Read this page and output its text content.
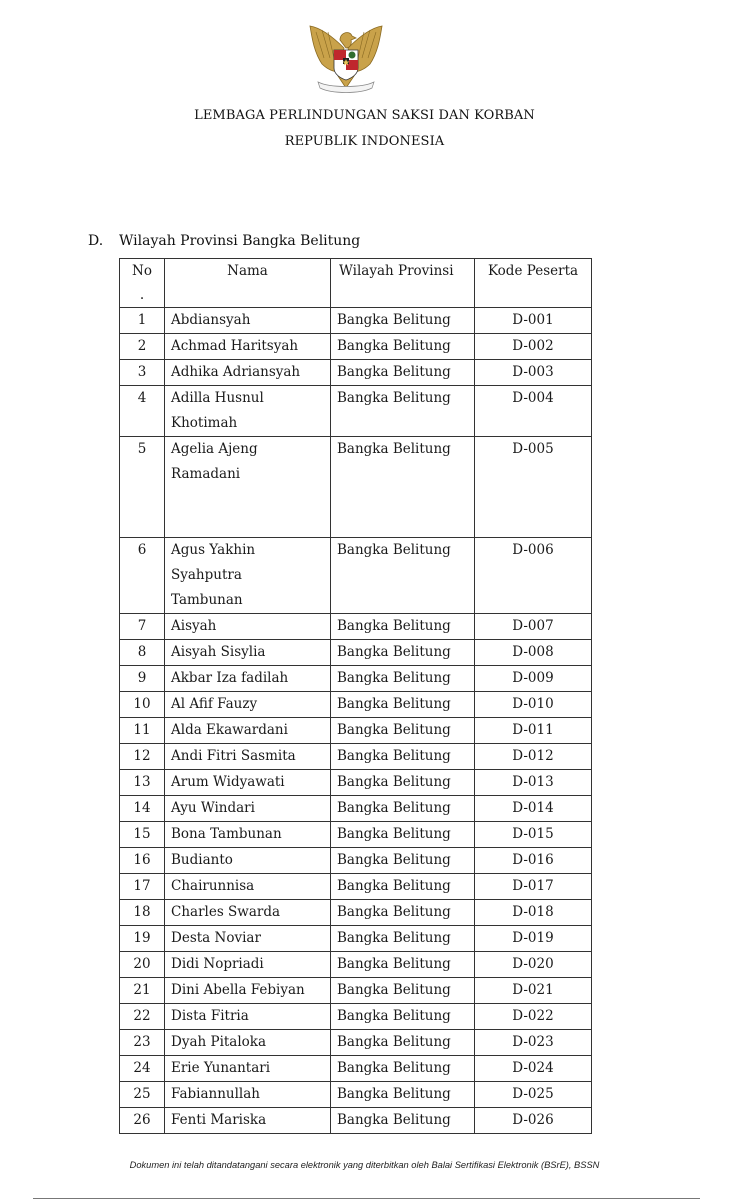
LEMBAGA PERLINDUNGAN SAKSI DAN KORBAN
REPUBLIK INDONESIA
D. Wilayah Provinsi Bangka Belitung
No
.	Nama	Wilayah Provinsi	Kode Peserta
1	Abdiansyah	Bangka Belitung	D-001
2	Achmad Haritsyah	Bangka Belitung	D-002
3	Adhika Adriansyah	Bangka Belitung	D-003
4	Adilla Husnul
Khotimah	Bangka Belitung	D-004
5	Agelia Ajeng
Ramadani	Bangka Belitung	D-005
6	Agus Yakhin
Syahputra
Tambunan	Bangka Belitung	D-006
7	Aisyah	Bangka Belitung	D-007
8	Aisyah Sisylia	Bangka Belitung	D-008
9	Akbar Iza fadilah	Bangka Belitung	D-009
10	Al Afif Fauzy	Bangka Belitung	D-010
11	Alda Ekawardani	Bangka Belitung	D-011
12	Andi Fitri Sasmita	Bangka Belitung	D-012
13	Arum Widyawati	Bangka Belitung	D-013
14	Ayu Windari	Bangka Belitung	D-014
15	Bona Tambunan	Bangka Belitung	D-015
16	Budianto	Bangka Belitung	D-016
17	Chairunnisa	Bangka Belitung	D-017
18	Charles Swarda	Bangka Belitung	D-018
19	Desta Noviar	Bangka Belitung	D-019
20	Didi Nopriadi	Bangka Belitung	D-020
21	Dini Abella Febiyan	Bangka Belitung	D-021
22	Dista Fitria	Bangka Belitung	D-022
23	Dyah Pitaloka	Bangka Belitung	D-023
24	Erie Yunantari	Bangka Belitung	D-024
25	Fabiannullah	Bangka Belitung	D-025
26	Fenti Mariska	Bangka Belitung	D-026
Dokumen ini telah ditandatangani secara elektronik yang diterbitkan oleh Balai Sertifikasi Elektronik (BSrE), BSSN
